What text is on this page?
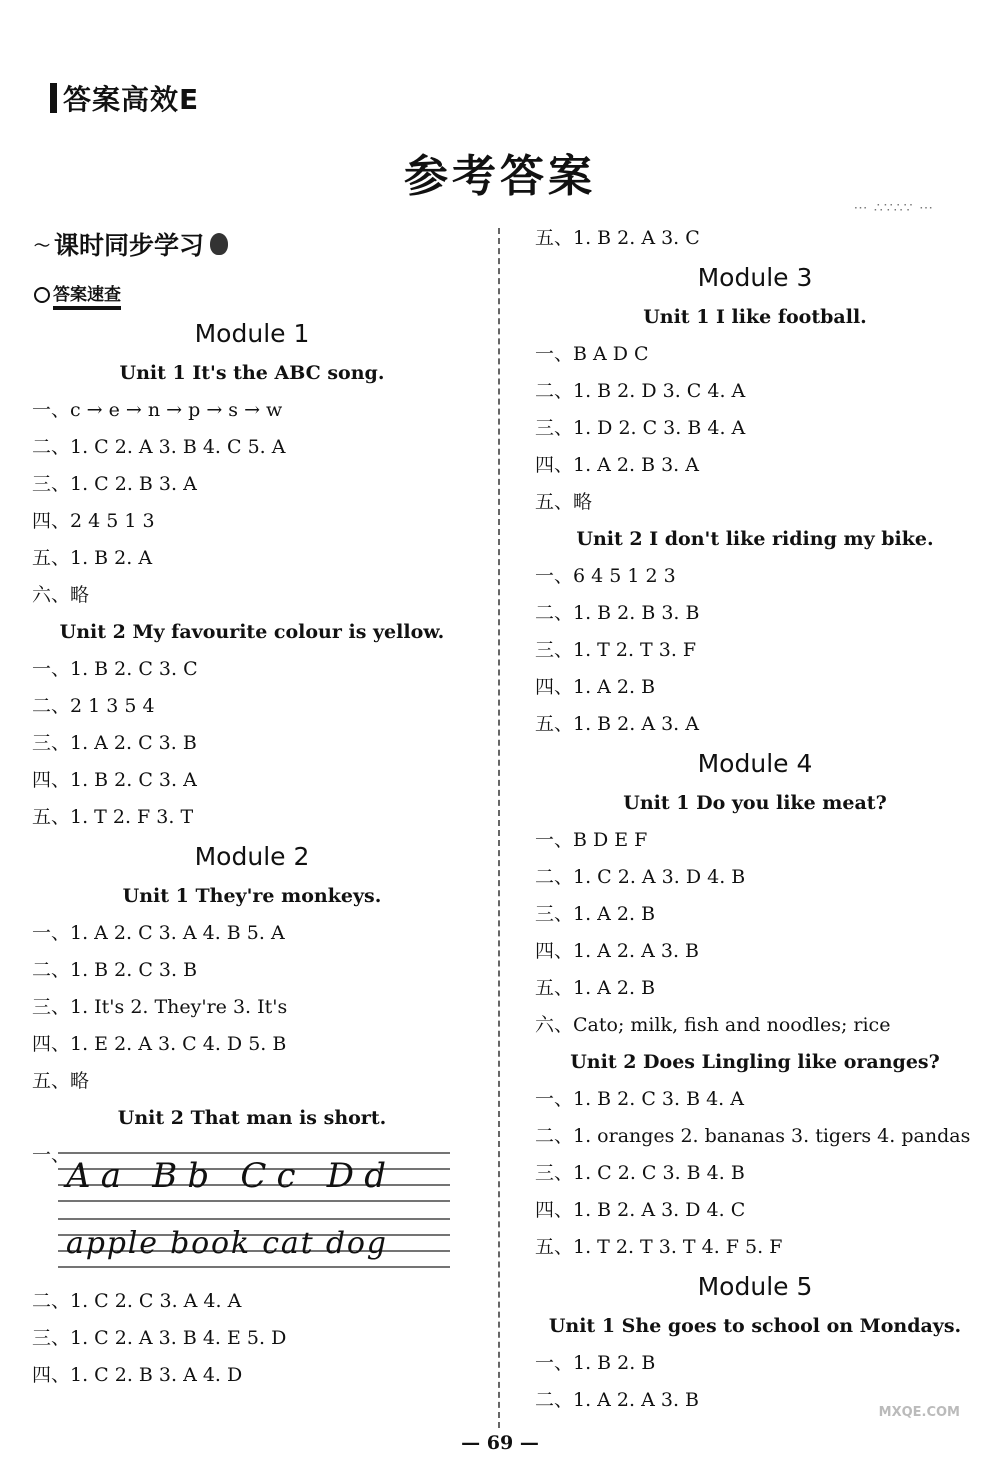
答案高效E
参考答案
⋯ ∴∵∴∵ ⋯
～ 课时同步学习
答案速查
Module 1
Unit 1 It's the ABC song.
一、c → e → n → p → s → w
二、1. C 2. A 3. B 4. C 5. A
三、1. C 2. B 3. A
四、2 4 5 1 3
五、1. B 2. A
六、略
Unit 2 My favourite colour is yellow.
一、1. B 2. C 3. C
二、2 1 3 5 4
三、1. A 2. C 3. B
四、1. B 2. C 3. A
五、1. T 2. F 3. T
Module 2
Unit 1 They're monkeys.
一、1. A 2. C 3. A 4. B 5. A
二、1. B 2. C 3. B
三、1. It's 2. They're 3. It's
四、1. E 2. A 3. C 4. D 5. B
五、略
Unit 2 That man is short.
一、
Aa Bb Cc Dd
apple book cat dog
二、1. C 2. C 3. A 4. A
三、1. C 2. A 3. B 4. E 5. D
四、1. C 2. B 3. A 4. D
五、1. B 2. A 3. C
Module 3
Unit 1 I like football.
一、B A D C
二、1. B 2. D 3. C 4. A
三、1. D 2. C 3. B 4. A
四、1. A 2. B 3. A
五、略
Unit 2 I don't like riding my bike.
一、6 4 5 1 2 3
二、1. B 2. B 3. B
三、1. T 2. T 3. F
四、1. A 2. B
五、1. B 2. A 3. A
Module 4
Unit 1 Do you like meat?
一、B D E F
二、1. C 2. A 3. D 4. B
三、1. A 2. B
四、1. A 2. A 3. B
五、1. A 2. B
六、Cato; milk, fish and noodles; rice
Unit 2 Does Lingling like oranges?
一、1. B 2. C 3. B 4. A
二、1. oranges 2. bananas 3. tigers 4. pandas
三、1. C 2. C 3. B 4. B
四、1. B 2. A 3. D 4. C
五、1. T 2. T 3. T 4. F 5. F
Module 5
Unit 1 She goes to school on Mondays.
一、1. B 2. B
二、1. A 2. A 3. B
— 69 —
MXQE.COM
